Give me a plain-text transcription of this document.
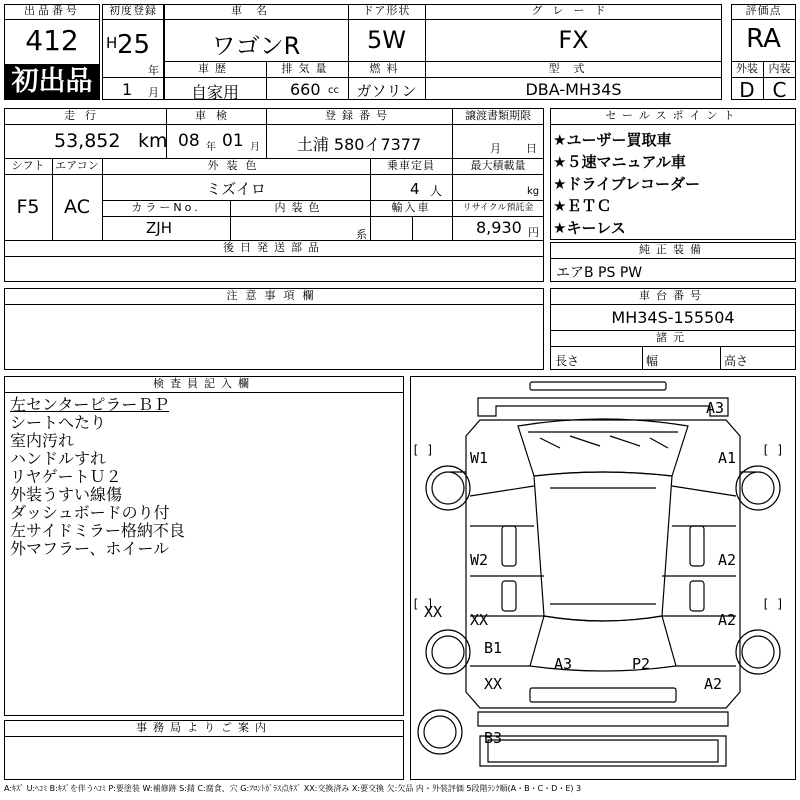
出品番号
412
初出品
初度登録
H 25
年
1 月
車名
ワゴンR
ドア形状
5W
グレード
FX
車歴
自家用
排気量
660 cc
燃料
ガソリン
型式
DBA-MH34S
評価点
RA
外装 内装
D C
走行
53,852 km
車検
08 年 01 月
登録番号
土浦 580イ7377
譲渡書類期限
月 日
シフト
F5
エアコン
AC
外装色
ミズイロ
乗車定員
4 人
最大積載量
kg
カラーNo.
ZJH
内装色
系
輸入車	リサイクル預託金
8,930 円
後日発送部品
セールスポイント
★ユーザー買取車
★５速マニュアル車
★ドライブレコーダー
★ＥＴＣ
★キーレス
純正装備
エアB PS PW
注意事項欄	車台番号
MH34S-155504
諸元
長さ	幅	高さ
検査員記入欄
左センターピラーＢＰ
シートへたり
室内汚れ
ハンドルすれ
リヤゲートＵ２
外装うすい線傷
ダッシュボードのり付
左サイドミラー格納不良
外マフラー、ホイール
事務局よりご案内
[ ]	[ ]
[ ]	[ ]
A3
W1	A1
W2	A2
XX XX	A2
B1
A3	P2
XX	A2
B3
A:ｷｽﾞ U:ﾍｺﾐ B:ｷｽﾞを伴うﾍｺﾐ P:要塗装 W:補修跡 S:錆 C:腐食、穴 G:ﾌﾛﾝﾄｶﾞﾗｽ点ｷｽﾞ XX:交換済み X:要交換 欠:欠品 内・外装評価 5段階ﾗﾝｸ順(A・B・C・D・E) 3
